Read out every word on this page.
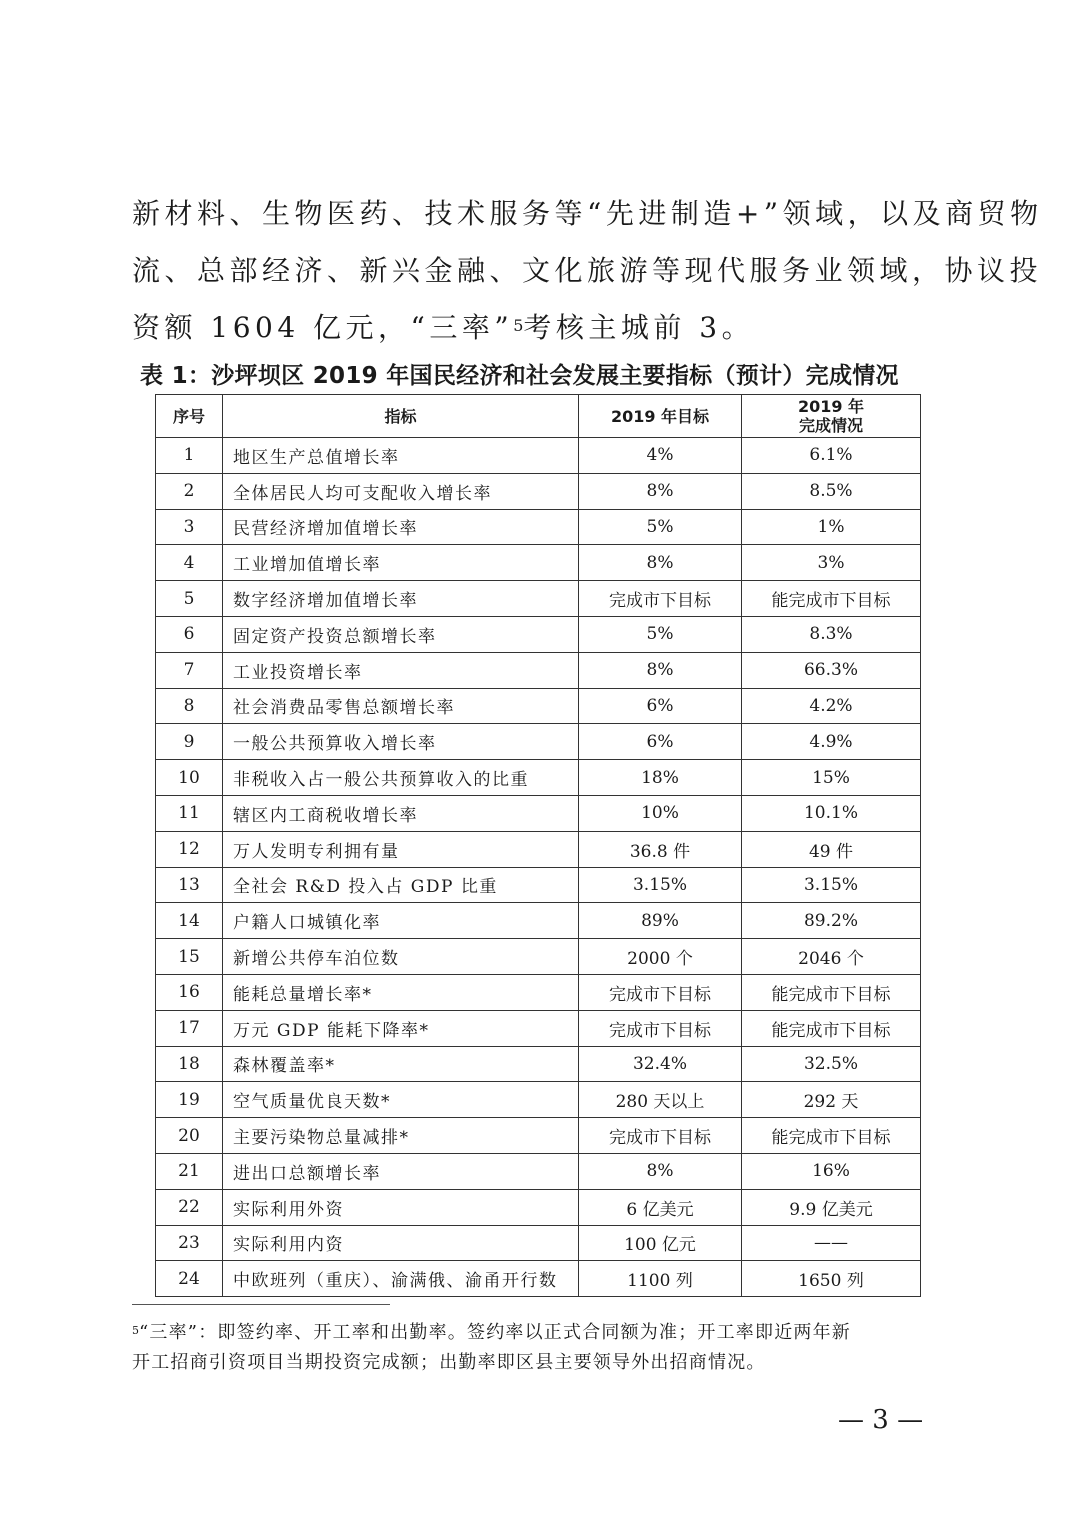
新材料、生物医药、技术服务等“先进制造+”领域，以及商贸物
流、总部经济、新兴金融、文化旅游等现代服务业领域，协议投
资额 1604 亿元，“三率”$^5$考核主城前 3。
表 1：沙坪坝区 2019 年国民经济和社会发展主要指标（预计）完成情况
序号	指标	2019 年目标	2019 年
完成情况
1	地区生产总值增长率	4%	6.1%
2	全体居民人均可支配收入增长率	8%	8.5%
3	民营经济增加值增长率	5%	1%
4	工业增加值增长率	8%	3%
5	数字经济增加值增长率	完成市下目标	能完成市下目标
6	固定资产投资总额增长率	5%	8.3%
7	工业投资增长率	8%	66.3%
8	社会消费品零售总额增长率	6%	4.2%
9	一般公共预算收入增长率	6%	4.9%
10	非税收入占一般公共预算收入的比重	18%	15%
11	辖区内工商税收增长率	10%	10.1%
12	万人发明专利拥有量	36.8 件	49 件
13	全社会 R&D 投入占 GDP 比重	3.15%	3.15%
14	户籍人口城镇化率	89%	89.2%
15	新增公共停车泊位数	2000 个	2046 个
16	能耗总量增长率*	完成市下目标	能完成市下目标
17	万元 GDP 能耗下降率*	完成市下目标	能完成市下目标
18	森林覆盖率*	32.4%	32.5%
19	空气质量优良天数*	280 天以上	292 天
20	主要污染物总量减排*	完成市下目标	能完成市下目标
21	进出口总额增长率	8%	16%
22	实际利用外资	6 亿美元	9.9 亿美元
23	实际利用内资	100 亿元	——
24	中欧班列（重庆）、渝满俄、渝甬开行数	1100 列	1650 列
$^5$“三率”：即签约率、开工率和出勤率。签约率以正式合同额为准；开工率即近两年新
开工招商引资项目当期投资完成额；出勤率即区县主要领导外出招商情况。
— 3 —
